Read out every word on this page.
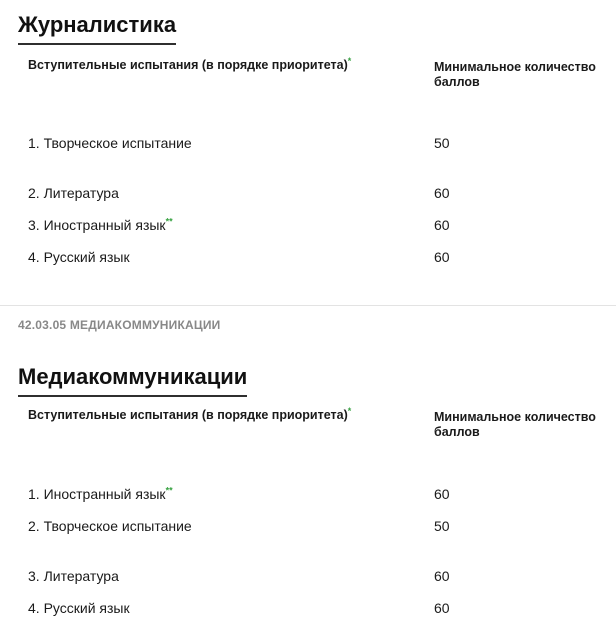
Журналистика
Вступительные испытания (в порядке приоритета)*	Минимальное количество баллов
1. Творческое испытание	50
2. Литература	60
3. Иностранный язык**	60
4. Русский язык	60
42.03.05 МЕДИАКОММУНИКАЦИИ
Медиакоммуникации
Вступительные испытания (в порядке приоритета)*	Минимальное количество баллов
1. Иностранный язык**	60
2. Творческое испытание	50
3. Литература	60
4. Русский язык	60
